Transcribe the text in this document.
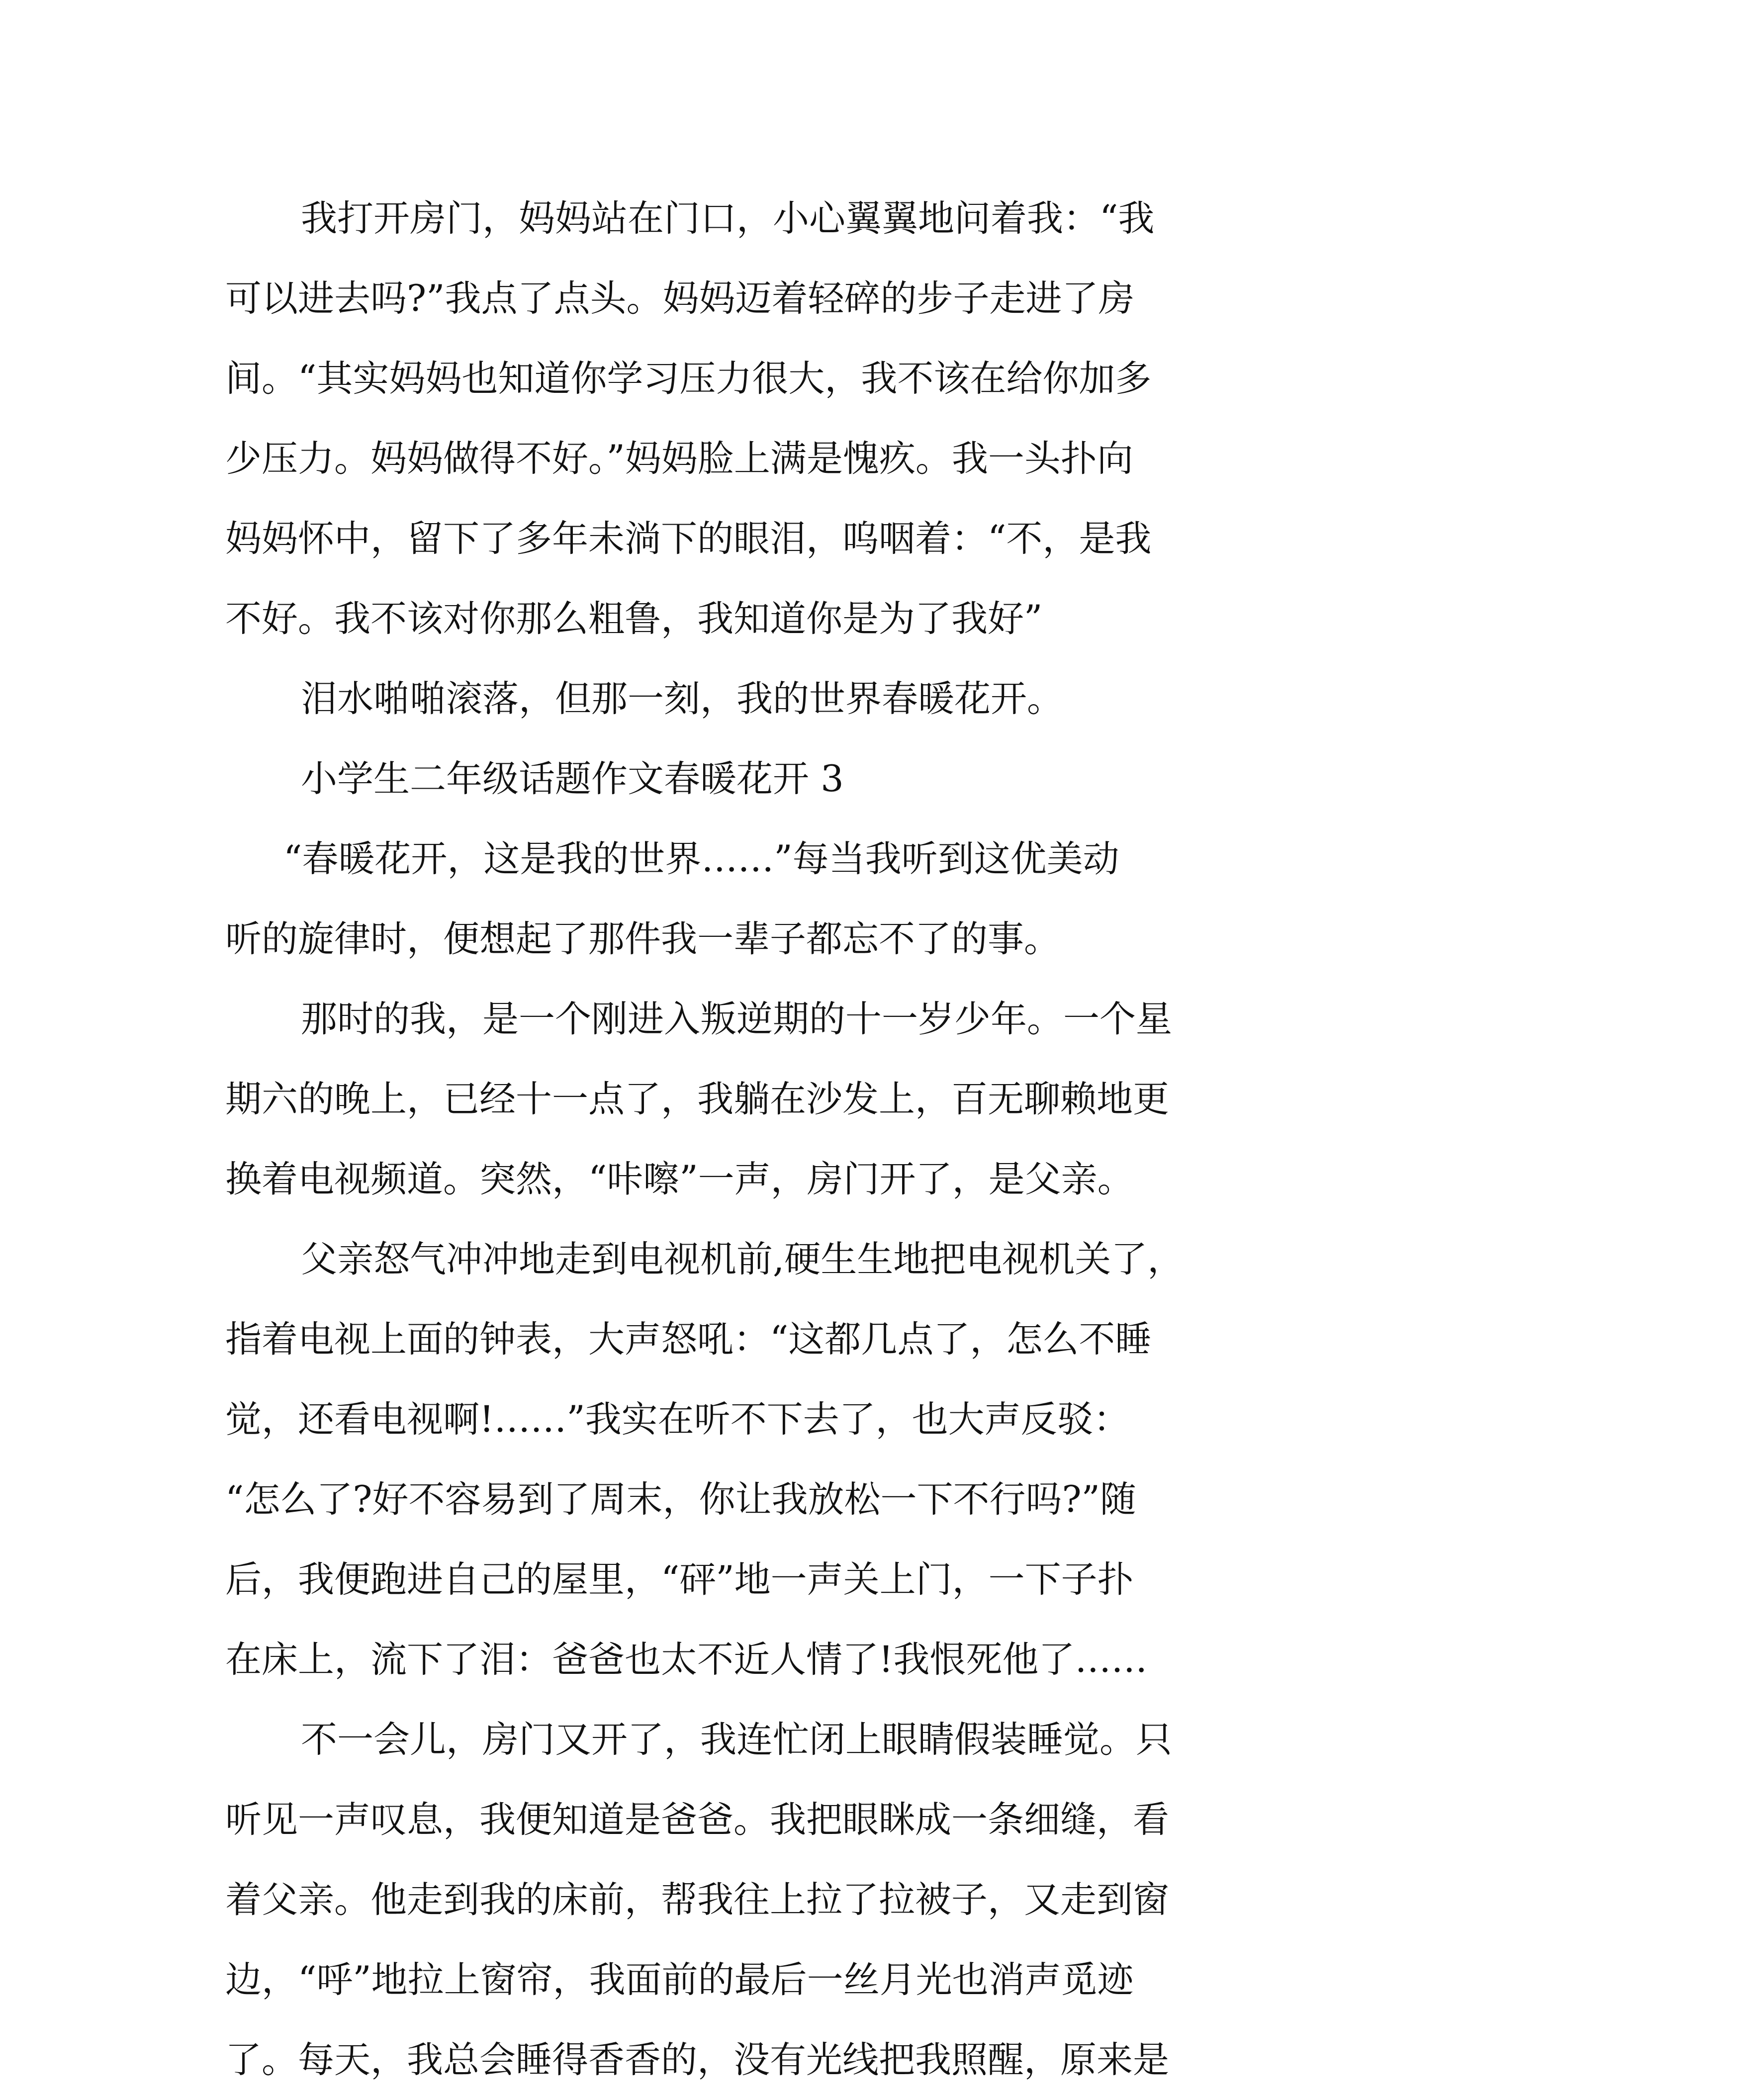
我打开房门，妈妈站在门口，小心翼翼地问着我：“我
可以进去吗?”我点了点头。妈妈迈着轻碎的步子走进了房
间。“其实妈妈也知道你学习压力很大，我不该在给你加多
少压力。妈妈做得不好。”妈妈脸上满是愧疚。我一头扑向
妈妈怀中，留下了多年未淌下的眼泪，呜咽着：“不，是我
不好。我不该对你那么粗鲁，我知道你是为了我好”
泪水啪啪滚落，但那一刻，我的世界春暖花开。
小学生二年级话题作文春暖花开 3
“春暖花开，这是我的世界……”每当我听到这优美动
听的旋律时，便想起了那件我一辈子都忘不了的事。
那时的我，是一个刚进入叛逆期的十一岁少年。一个星
期六的晚上，已经十一点了，我躺在沙发上，百无聊赖地更
换着电视频道。突然，“咔嚓”一声，房门开了，是父亲。
父亲怒气冲冲地走到电视机前,硬生生地把电视机关了，
指着电视上面的钟表，大声怒吼：“这都几点了，怎么不睡
觉，还看电视啊!……”我实在听不下去了，也大声反驳：
“怎么了?好不容易到了周末，你让我放松一下不行吗?”随
后，我便跑进自己的屋里，“砰”地一声关上门，一下子扑
在床上，流下了泪：爸爸也太不近人情了!我恨死他了……
不一会儿，房门又开了，我连忙闭上眼睛假装睡觉。只
听见一声叹息，我便知道是爸爸。我把眼眯成一条细缝，看
着父亲。他走到我的床前，帮我往上拉了拉被子，又走到窗
边，“呼”地拉上窗帘，我面前的最后一丝月光也消声觅迹
了。每天，我总会睡得香香的，没有光线把我照醒，原来是
